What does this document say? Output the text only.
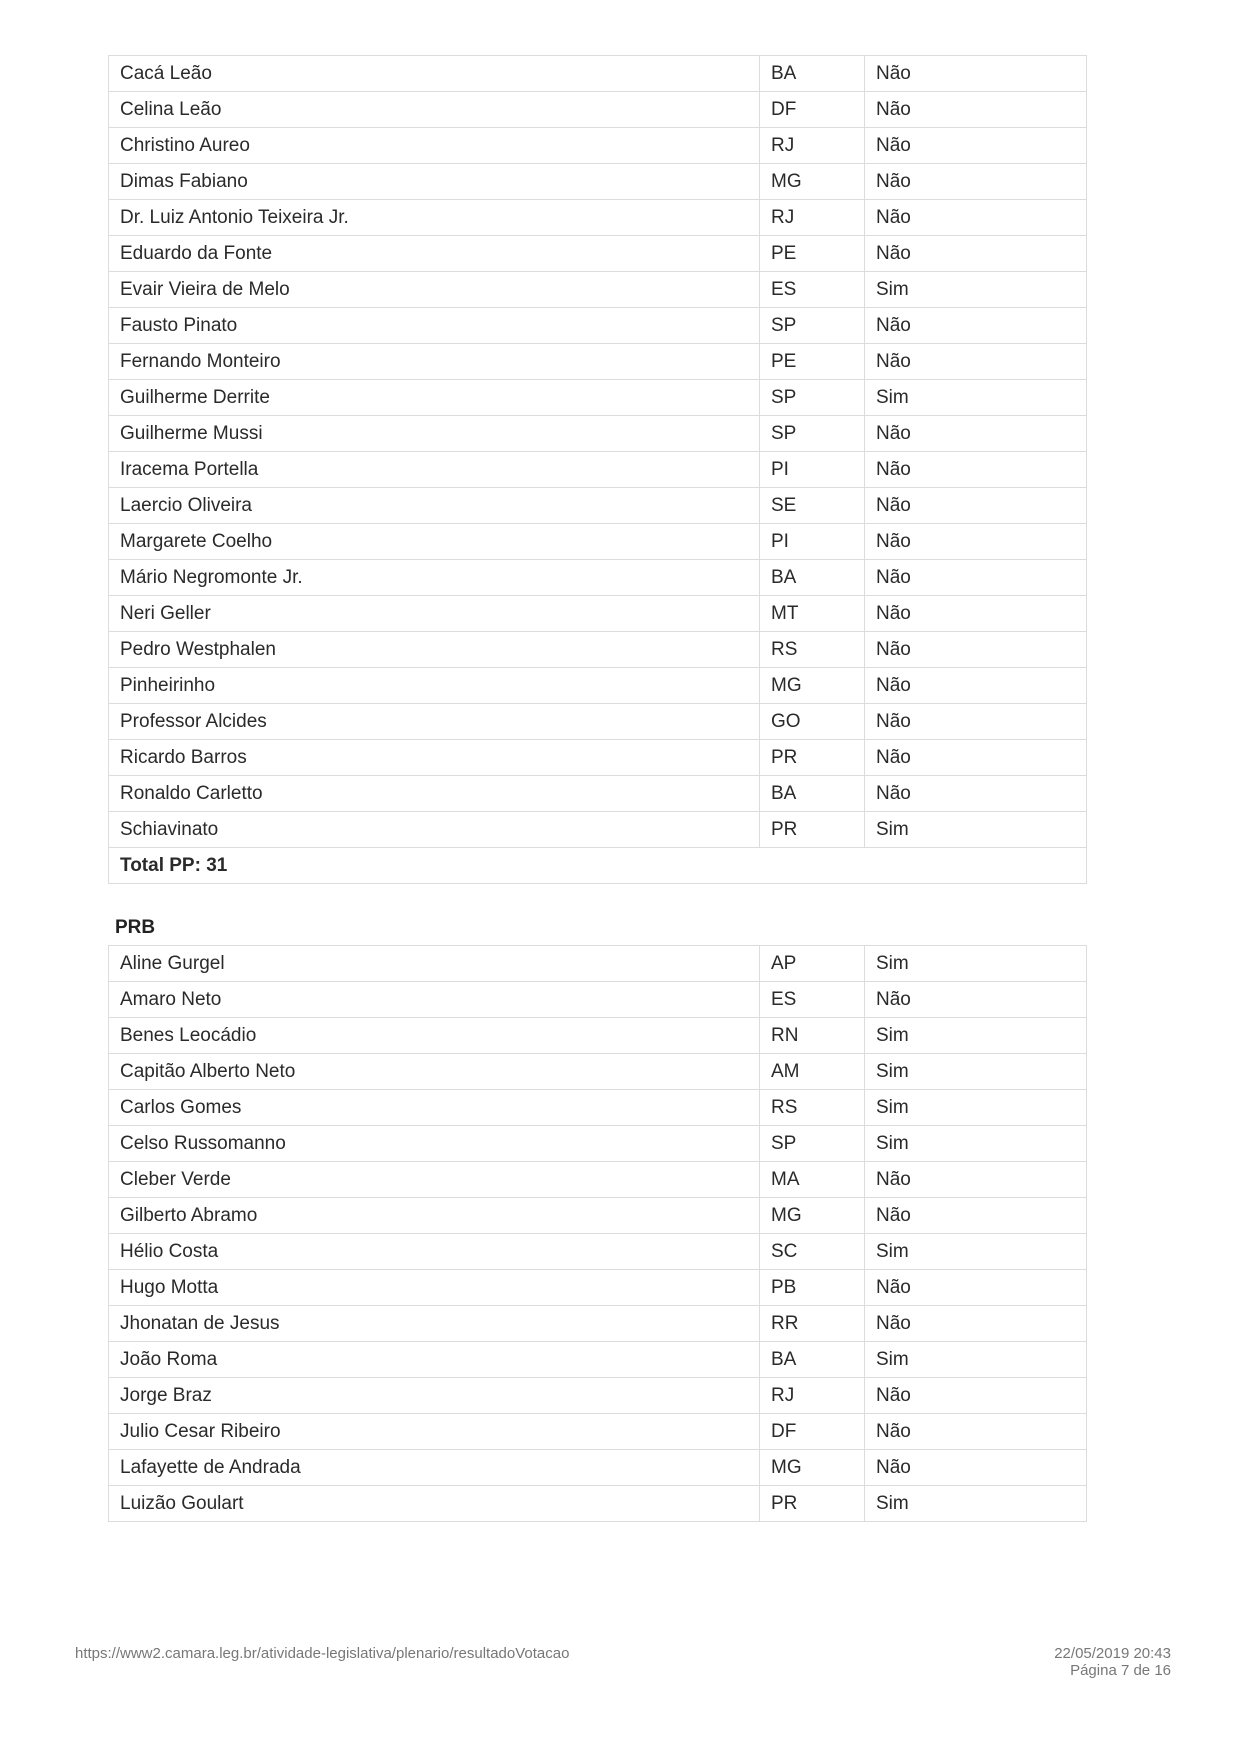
Cacá Leão	BA	Não
Celina Leão	DF	Não
Christino Aureo	RJ	Não
Dimas Fabiano	MG	Não
Dr. Luiz Antonio Teixeira Jr.	RJ	Não
Eduardo da Fonte	PE	Não
Evair Vieira de Melo	ES	Sim
Fausto Pinato	SP	Não
Fernando Monteiro	PE	Não
Guilherme Derrite	SP	Sim
Guilherme Mussi	SP	Não
Iracema Portella	PI	Não
Laercio Oliveira	SE	Não
Margarete Coelho	PI	Não
Mário Negromonte Jr.	BA	Não
Neri Geller	MT	Não
Pedro Westphalen	RS	Não
Pinheirinho	MG	Não
Professor Alcides	GO	Não
Ricardo Barros	PR	Não
Ronaldo Carletto	BA	Não
Schiavinato	PR	Sim
Total PP: 31		
PRB
Aline Gurgel	AP	Sim
Amaro Neto	ES	Não
Benes Leocádio	RN	Sim
Capitão Alberto Neto	AM	Sim
Carlos Gomes	RS	Sim
Celso Russomanno	SP	Sim
Cleber Verde	MA	Não
Gilberto Abramo	MG	Não
Hélio Costa	SC	Sim
Hugo Motta	PB	Não
Jhonatan de Jesus	RR	Não
João Roma	BA	Sim
Jorge Braz	RJ	Não
Julio Cesar Ribeiro	DF	Não
Lafayette de Andrada	MG	Não
Luizão Goulart	PR	Sim
https://www2.camara.leg.br/atividade-legislativa/plenario/resultadoVotacao	22/05/2019 20:43
Página 7 de 16
